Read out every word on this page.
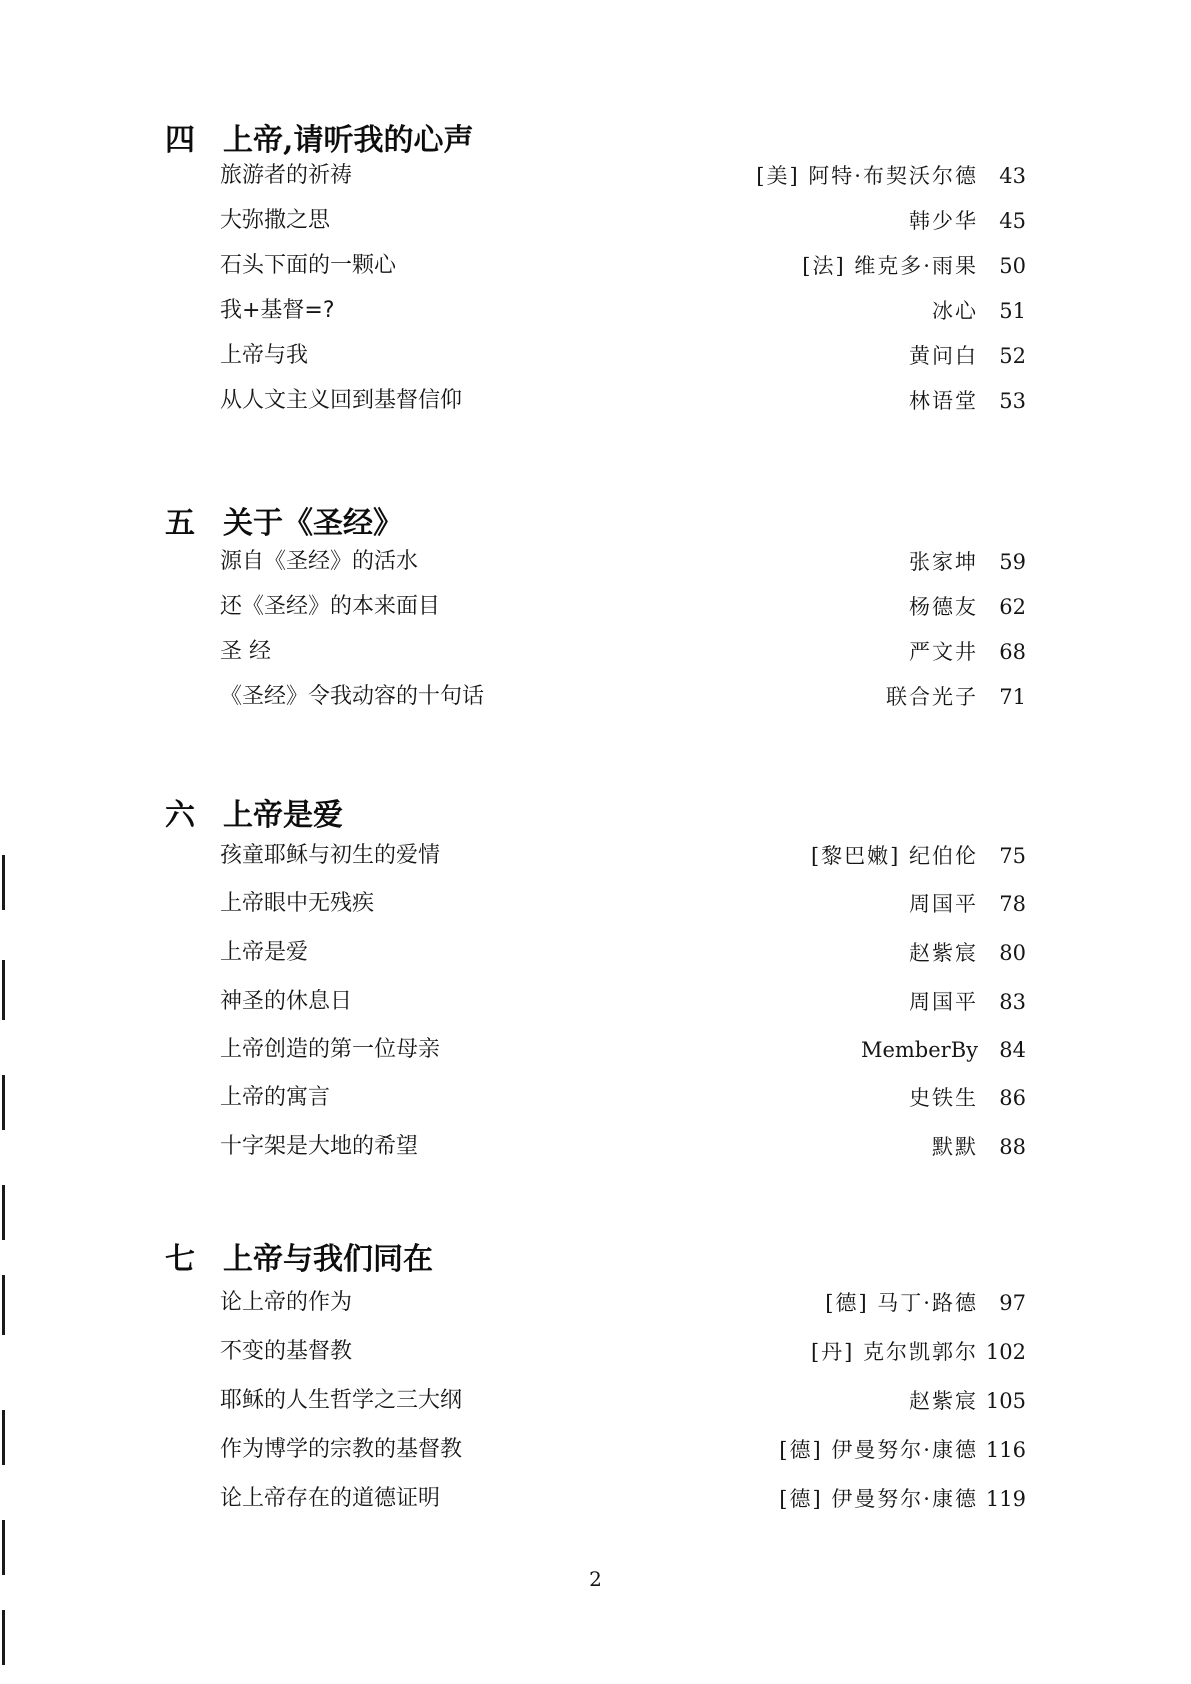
四 上帝,请听我的心声
旅游者的祈祷	[美] 阿特·布契沃尔德	43
大弥撒之思	韩少华	45
石头下面的一颗心	[法] 维克多·雨果	50
我+基督=?	冰心	51
上帝与我	黄问白	52
从人文主义回到基督信仰	林语堂	53
五 关于《圣经》
源自《圣经》的活水	张家坤	59
还《圣经》的本来面目	杨德友	62
圣 经	严文井	68
《圣经》令我动容的十句话	联合光子	71
六 上帝是爱
孩童耶稣与初生的爱情	[黎巴嫩] 纪伯伦	75
上帝眼中无残疾	周国平	78
上帝是爱	赵紫宸	80
神圣的休息日	周国平	83
上帝创造的第一位母亲	MemberBy	84
上帝的寓言	史铁生	86
十字架是大地的希望	默默	88
七 上帝与我们同在
论上帝的作为	[德] 马丁·路德	97
不变的基督教	[丹] 克尔凯郭尔 102
耶稣的人生哲学之三大纲	赵紫宸 105
作为博学的宗教的基督教	[德] 伊曼努尔·康德 116
论上帝存在的道德证明	[德] 伊曼努尔·康德 119
2
